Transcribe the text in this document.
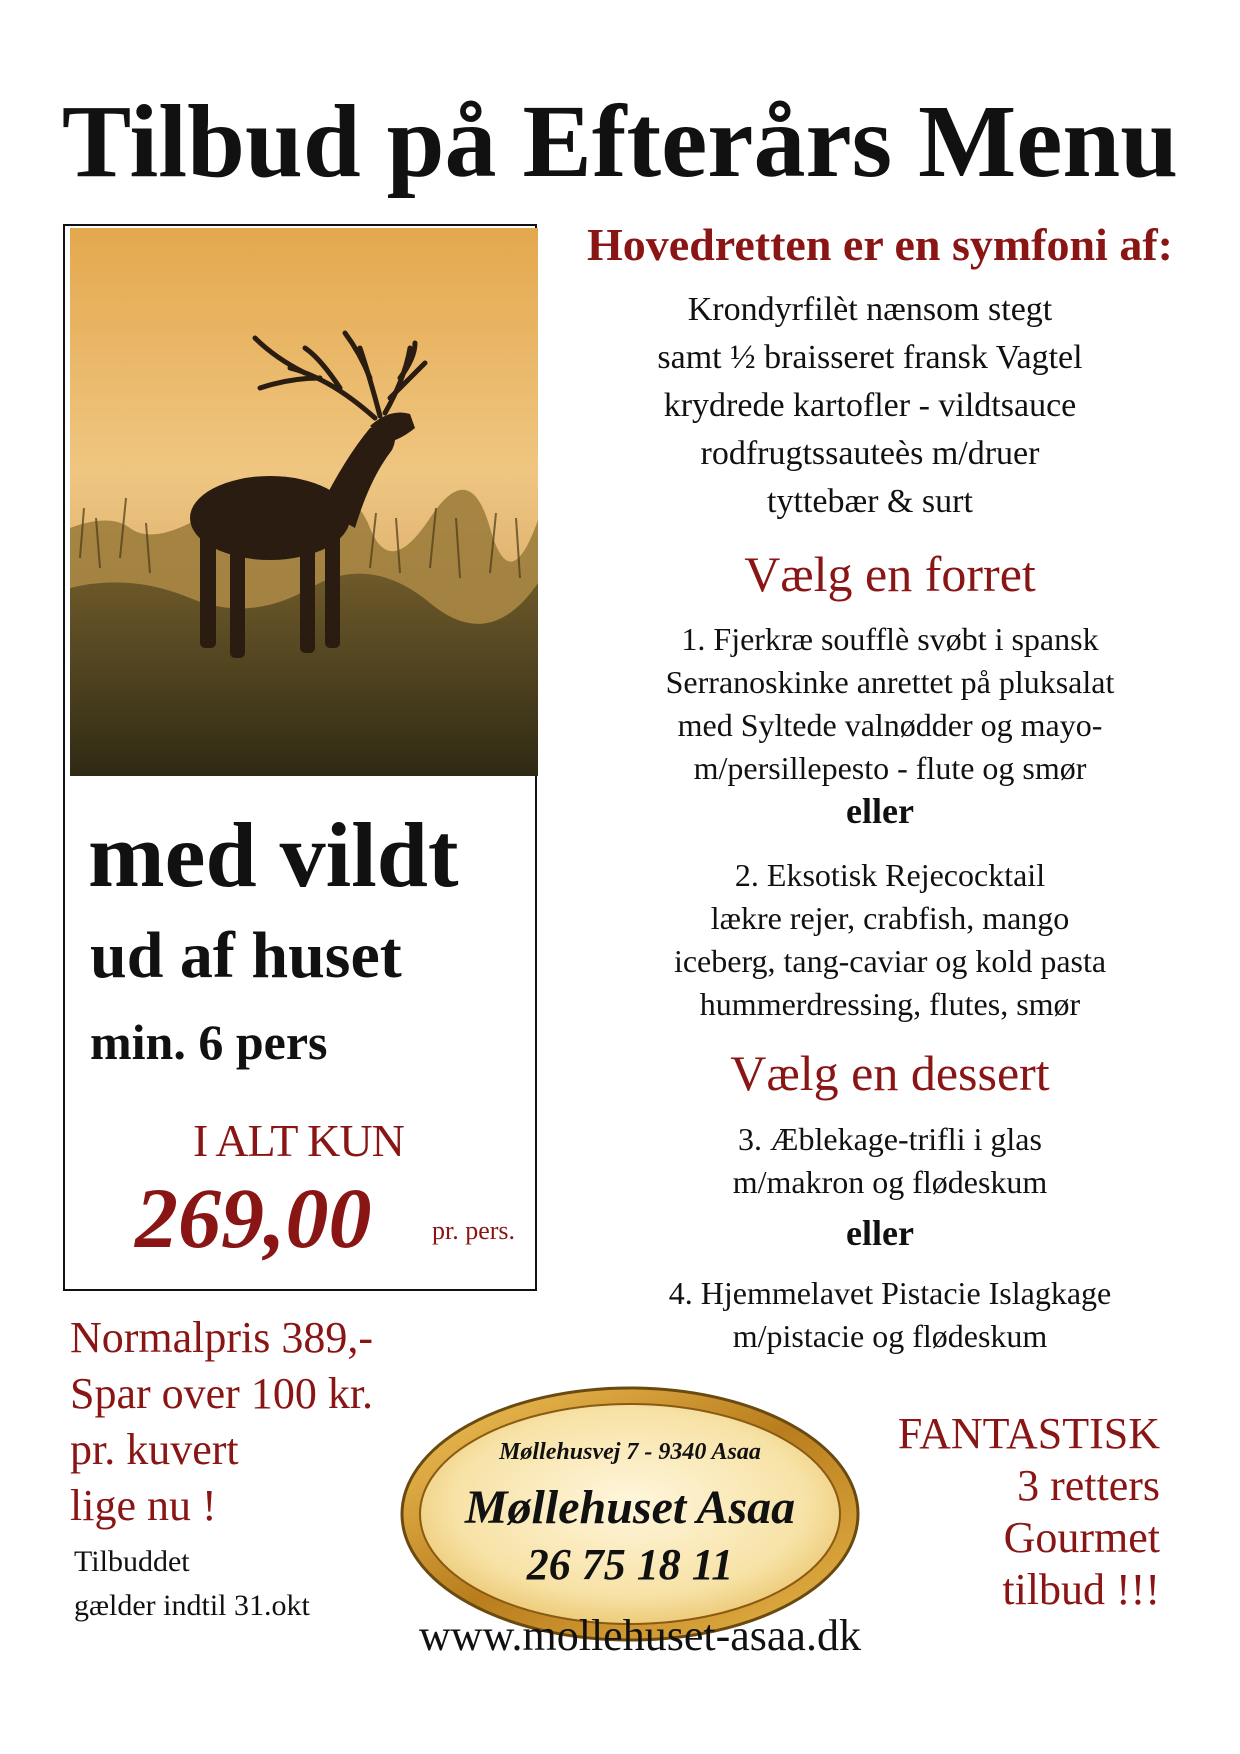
Tilbud på Efterårs Menu
med vildt
ud af huset
min. 6 pers
I ALT KUN
269,00 pr. pers.
Hovedretten er en symfoni af:
Krondyrfilèt nænsom stegt
samt ½ braisseret fransk Vagtel
krydrede kartofler - vildtsauce
rodfrugtssauteès m/druer
tyttebær & surt
Vælg en forret
1. Fjerkræ soufflè svøbt i spansk
Serranoskinke anrettet på pluksalat
med Syltede valnødder og mayo-
m/persillepesto - flute og smør
eller
2. Eksotisk Rejecocktail
lækre rejer, crabfish, mango
iceberg, tang-caviar og kold pasta
hummerdressing, flutes, smør
Vælg en dessert
3. Æblekage-trifli i glas
m/makron og flødeskum
eller
4. Hjemmelavet Pistacie Islagkage
m/pistacie og flødeskum
Normalpris 389,-
Spar over 100 kr.
pr. kuvert
lige nu !
Tilbuddet
gælder indtil 31.okt
Møllehusvej 7 - 9340 Asaa
Møllehuset Asaa
26 75 18 11
FANTASTISK
3 retters
Gourmet
tilbud !!!
www.mollehuset-asaa.dk
